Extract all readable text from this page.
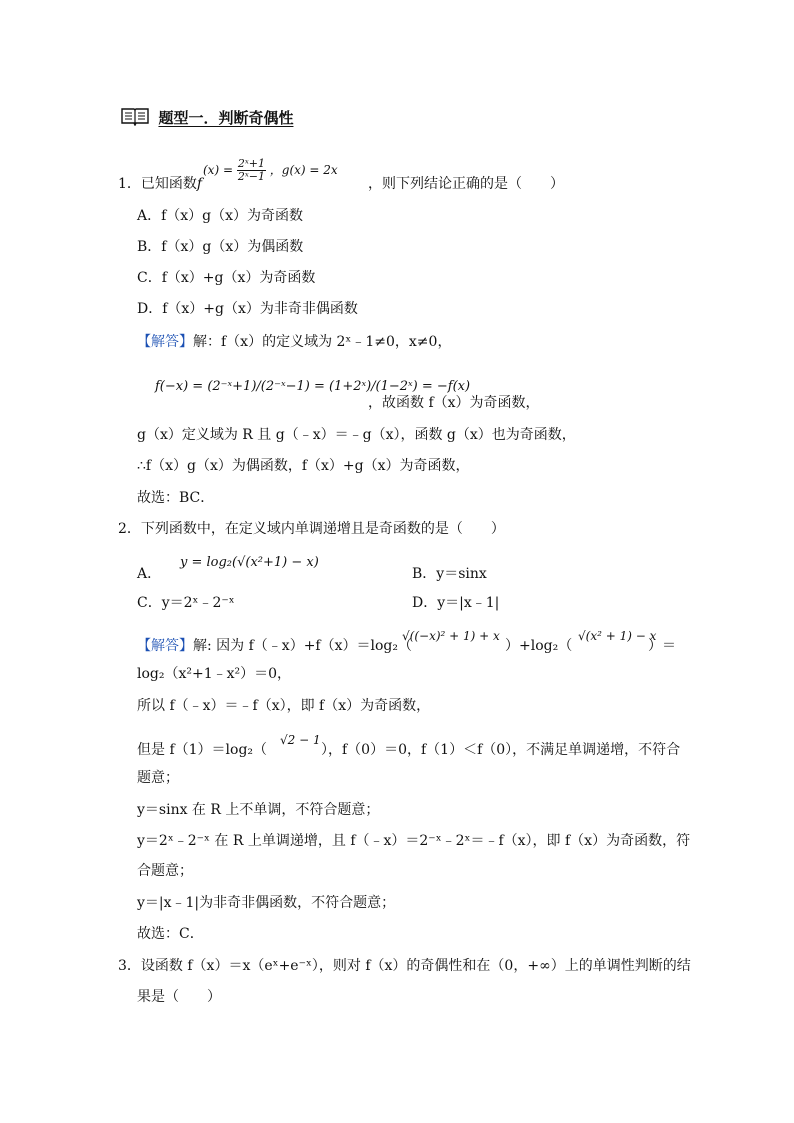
题型一．判断奇偶性
$(x) = \frac{\text{2ˣ+1}}{\text{2ˣ−1}}$ ，g(x) = 2x
1．已知函数f	，则下列结论正确的是（　　）
A．f（x）g（x）为奇函数
B．f（x）g（x）为偶函数
C．f（x）+g（x）为奇函数
D．f（x）+g（x）为非奇非偶函数
【解答】解：f（x）的定义域为 2ˣ﹣1≠0，x≠0，
f(−x) = (2⁻ˣ+1)/(2⁻ˣ−1) = (1+2ˣ)/(1−2ˣ) = −f(x)
，故函数 f（x）为奇函数，
g（x）定义域为 R 且 g（﹣x）＝﹣g（x），函数 g（x）也为奇函数，
∴f（x）g（x）为偶函数，f（x）+g（x）为奇函数，
故选：BC．
2．下列函数中，在定义域内单调递增且是奇函数的是（　　）
y = log₂(√(x²+1) − x)
A．	B．y＝sinx
C．y＝2ˣ﹣2⁻ˣ	D．y＝|x﹣1|
【解答】解: 因为 f（﹣x）+f（x）＝log₂（
√((−x)² + 1) + x
）+log₂（
√(x² + 1) − x
）＝
log₂（x²+1﹣x²）＝0，
所以 f（﹣x）＝﹣f（x），即 f（x）为奇函数，
但是 f（1）＝log₂（
√2 − 1
），f（0）＝0，f（1）＜f（0），不满足单调递增，不符合
题意；
y＝sinx 在 R 上不单调，不符合题意；
y＝2ˣ﹣2⁻ˣ 在 R 上单调递增，且 f（﹣x）＝2⁻ˣ﹣2ˣ＝﹣f（x），即 f（x）为奇函数，符
合题意；
y＝|x﹣1|为非奇非偶函数，不符合题意；
故选：C．
3．设函数 f（x）＝x（eˣ+e⁻ˣ），则对 f（x）的奇偶性和在（0，+∞）上的单调性判断的结
果是（　　）
